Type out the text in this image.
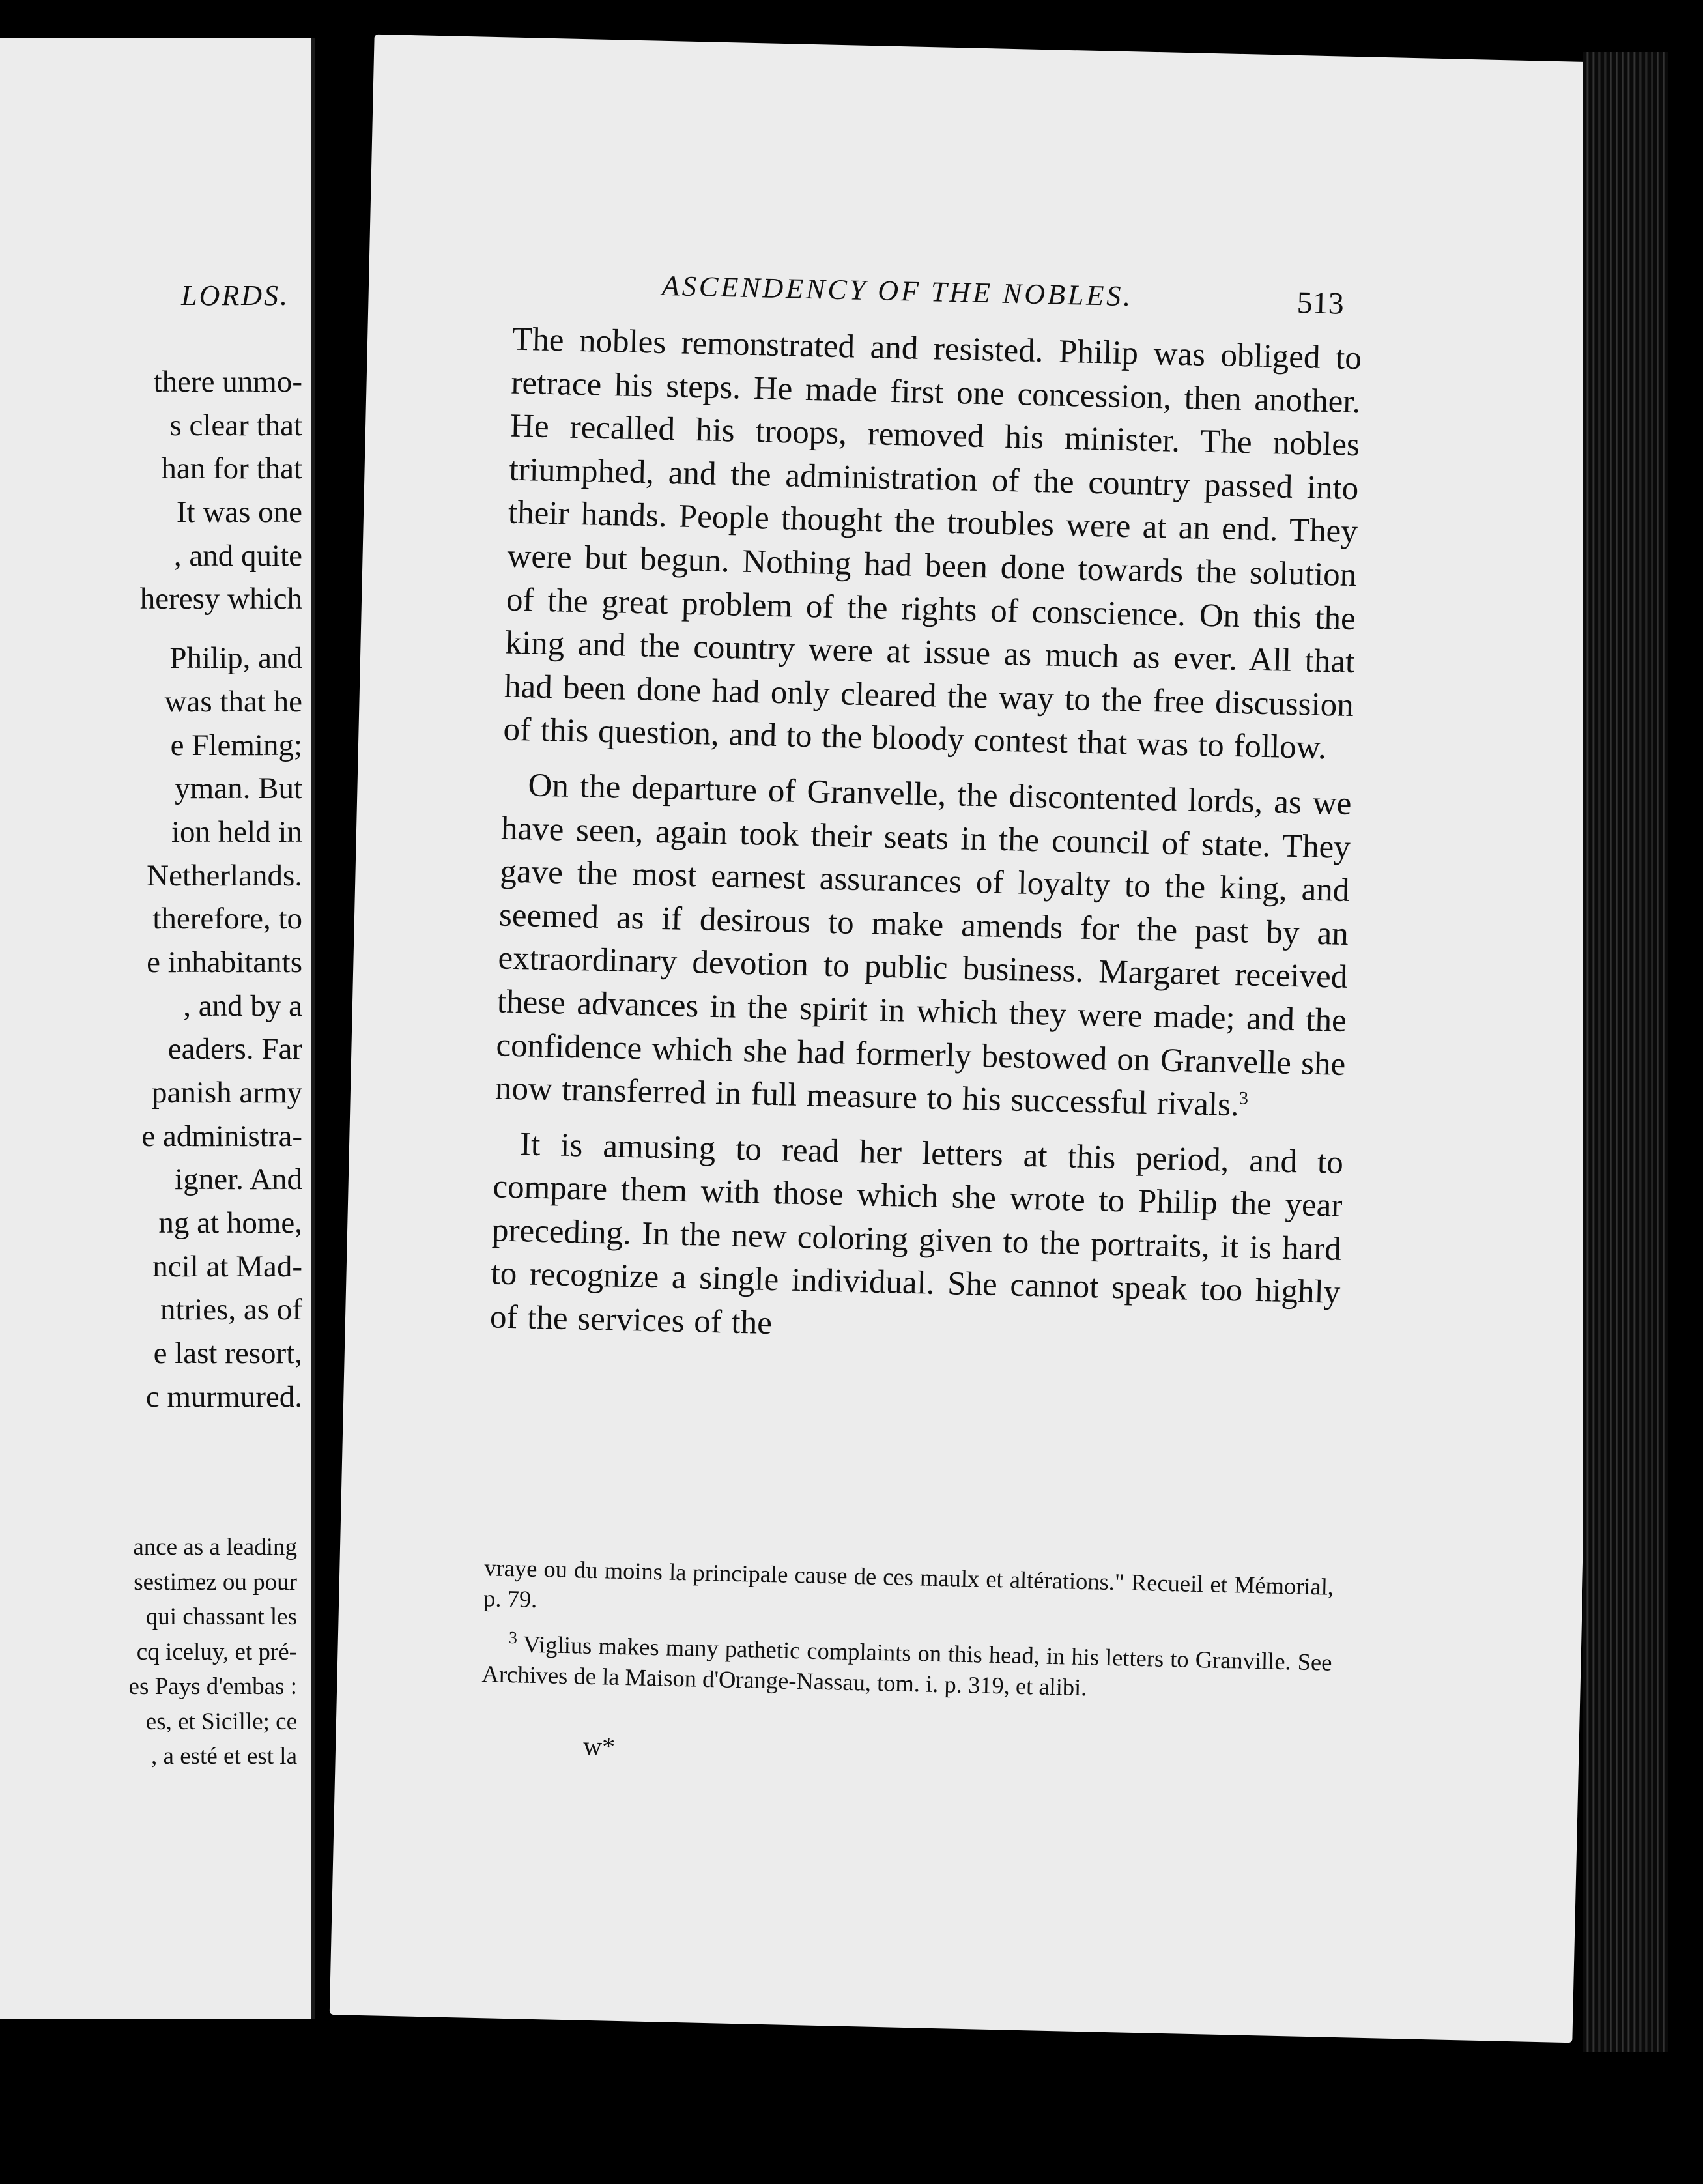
LORDS.
there unmo-
s clear that
han for that
It was one
, and quite
heresy which
Philip, and
was that he
e Fleming;
yman. But
ion held in
Netherlands.
therefore, to
e inhabitants
, and by a
eaders. Far
panish army
e administra-
igner. And
ng at home,
ncil at Mad-
ntries, as of
e last resort,
c murmured.
ance as a leading
sestimez ou pour
qui chassant les
cq iceluy, et pré-
es Pays d'embas :
es, et Sicille; ce
, a esté et est la
ASCENDENCY OF THE NOBLES.	513

The nobles remonstrated and resisted. Philip was obliged to retrace his steps. He made first one concession, then another. He recalled his troops, removed his minister. The nobles triumphed, and the administration of the country passed into their hands. People thought the troubles were at an end. They were but begun. Nothing had been done towards the solution of the great problem of the rights of conscience. On this the king and the country were at issue as much as ever. All that had been done had only cleared the way to the free discussion of this question, and to the bloody contest that was to follow.

On the departure of Granvelle, the discontented lords, as we have seen, again took their seats in the council of state. They gave the most earnest assurances of loyalty to the king, and seemed as if desirous to make amends for the past by an extraordinary devotion to public business. Margaret received these advances in the spirit in which they were made; and the confidence which she had formerly bestowed on Granvelle she now transferred in full measure to his successful rivals.$^3$

It is amusing to read her letters at this period, and to compare them with those which she wrote to Philip the year preceding. In the new coloring given to the portraits, it is hard to recognize a single individual. She cannot speak too highly of the services of the

vraye ou du moins la principale cause de ces maulx et altérations." Recueil et Mémorial, p. 79.

$^3$ Viglius makes many pathetic complaints on this head, in his letters to Granville. See Archives de la Maison d'Orange-Nassau, tom. i. p. 319, et alibi.

w*
